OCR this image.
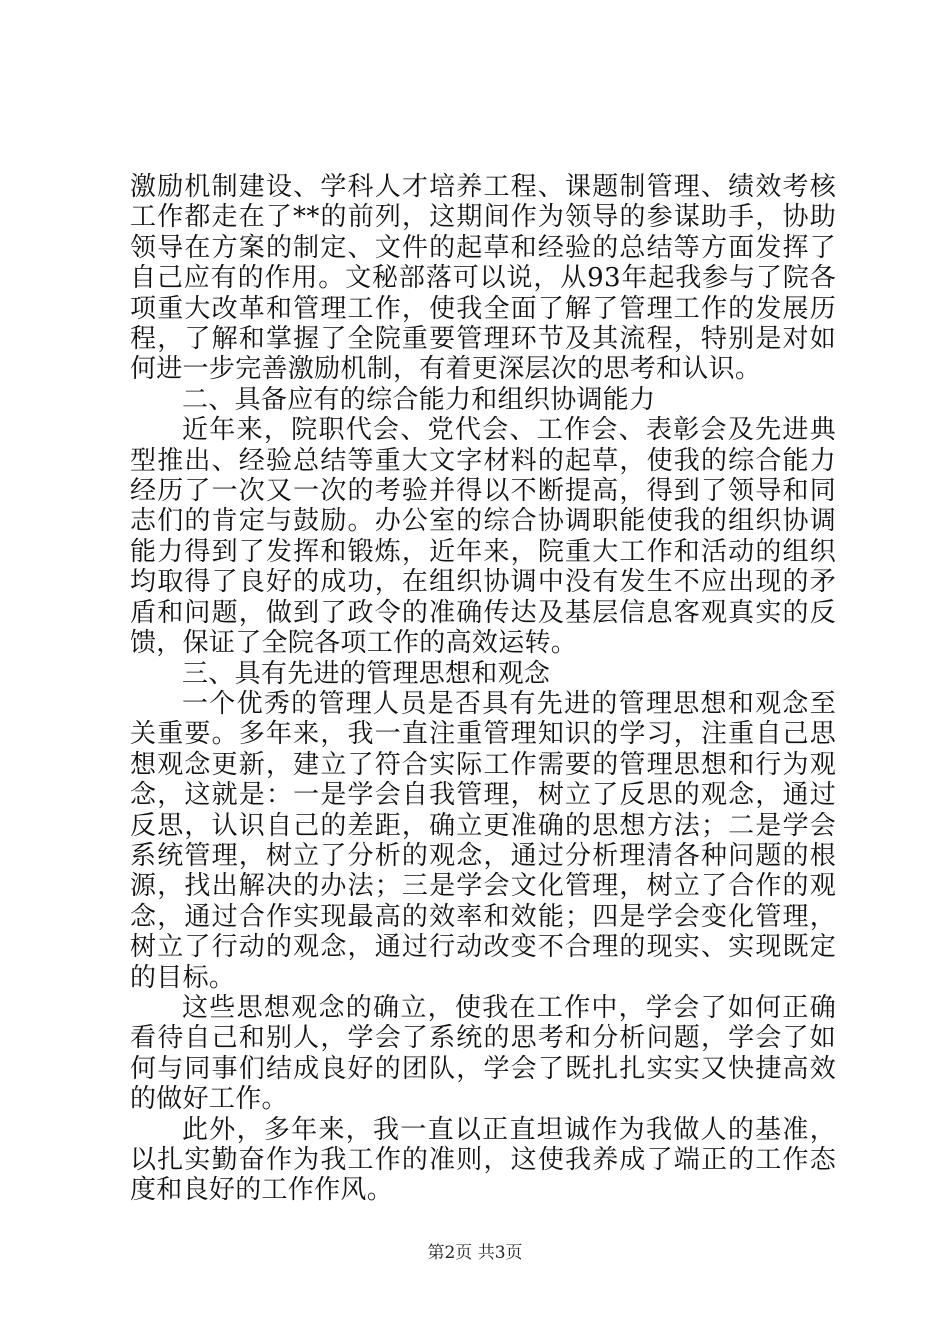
激励机制建设、学科人才培养工程、课题制管理、绩效考核工作都走在了**的前列，这期间作为领导的参谋助手，协助领导在方案的制定、文件的起草和经验的总结等方面发挥了自己应有的作用。文秘部落可以说，从93年起我参与了院各项重大改革和管理工作，使我全面了解了管理工作的发展历程，了解和掌握了全院重要管理环节及其流程，特别是对如何进一步完善激励机制，有着更深层次的思考和认识。

二、具备应有的综合能力和组织协调能力

近年来，院职代会、党代会、工作会、表彰会及先进典型推出、经验总结等重大文字材料的起草，使我的综合能力经历了一次又一次的考验并得以不断提高，得到了领导和同志们的肯定与鼓励。办公室的综合协调职能使我的组织协调能力得到了发挥和锻炼，近年来，院重大工作和活动的组织均取得了良好的成功，在组织协调中没有发生不应出现的矛盾和问题，做到了政令的准确传达及基层信息客观真实的反馈，保证了全院各项工作的高效运转。

三、具有先进的管理思想和观念

一个优秀的管理人员是否具有先进的管理思想和观念至关重要。多年来，我一直注重管理知识的学习，注重自己思想观念更新，建立了符合实际工作需要的管理思想和行为观念，这就是：一是学会自我管理，树立了反思的观念，通过反思，认识自己的差距，确立更准确的思想方法；二是学会系统管理，树立了分析的观念，通过分析理清各种问题的根源，找出解决的办法；三是学会文化管理，树立了合作的观念，通过合作实现最高的效率和效能；四是学会变化管理，树立了行动的观念，通过行动改变不合理的现实、实现既定的目标。

这些思想观念的确立，使我在工作中，学会了如何正确看待自己和别人，学会了系统的思考和分析问题，学会了如何与同事们结成良好的团队，学会了既扎扎实实又快捷高效的做好工作。

此外，多年来，我一直以正直坦诚作为我做人的基准，以扎实勤奋作为我工作的准则，这使我养成了端正的工作态度和良好的工作作风。

第2页 共3页
